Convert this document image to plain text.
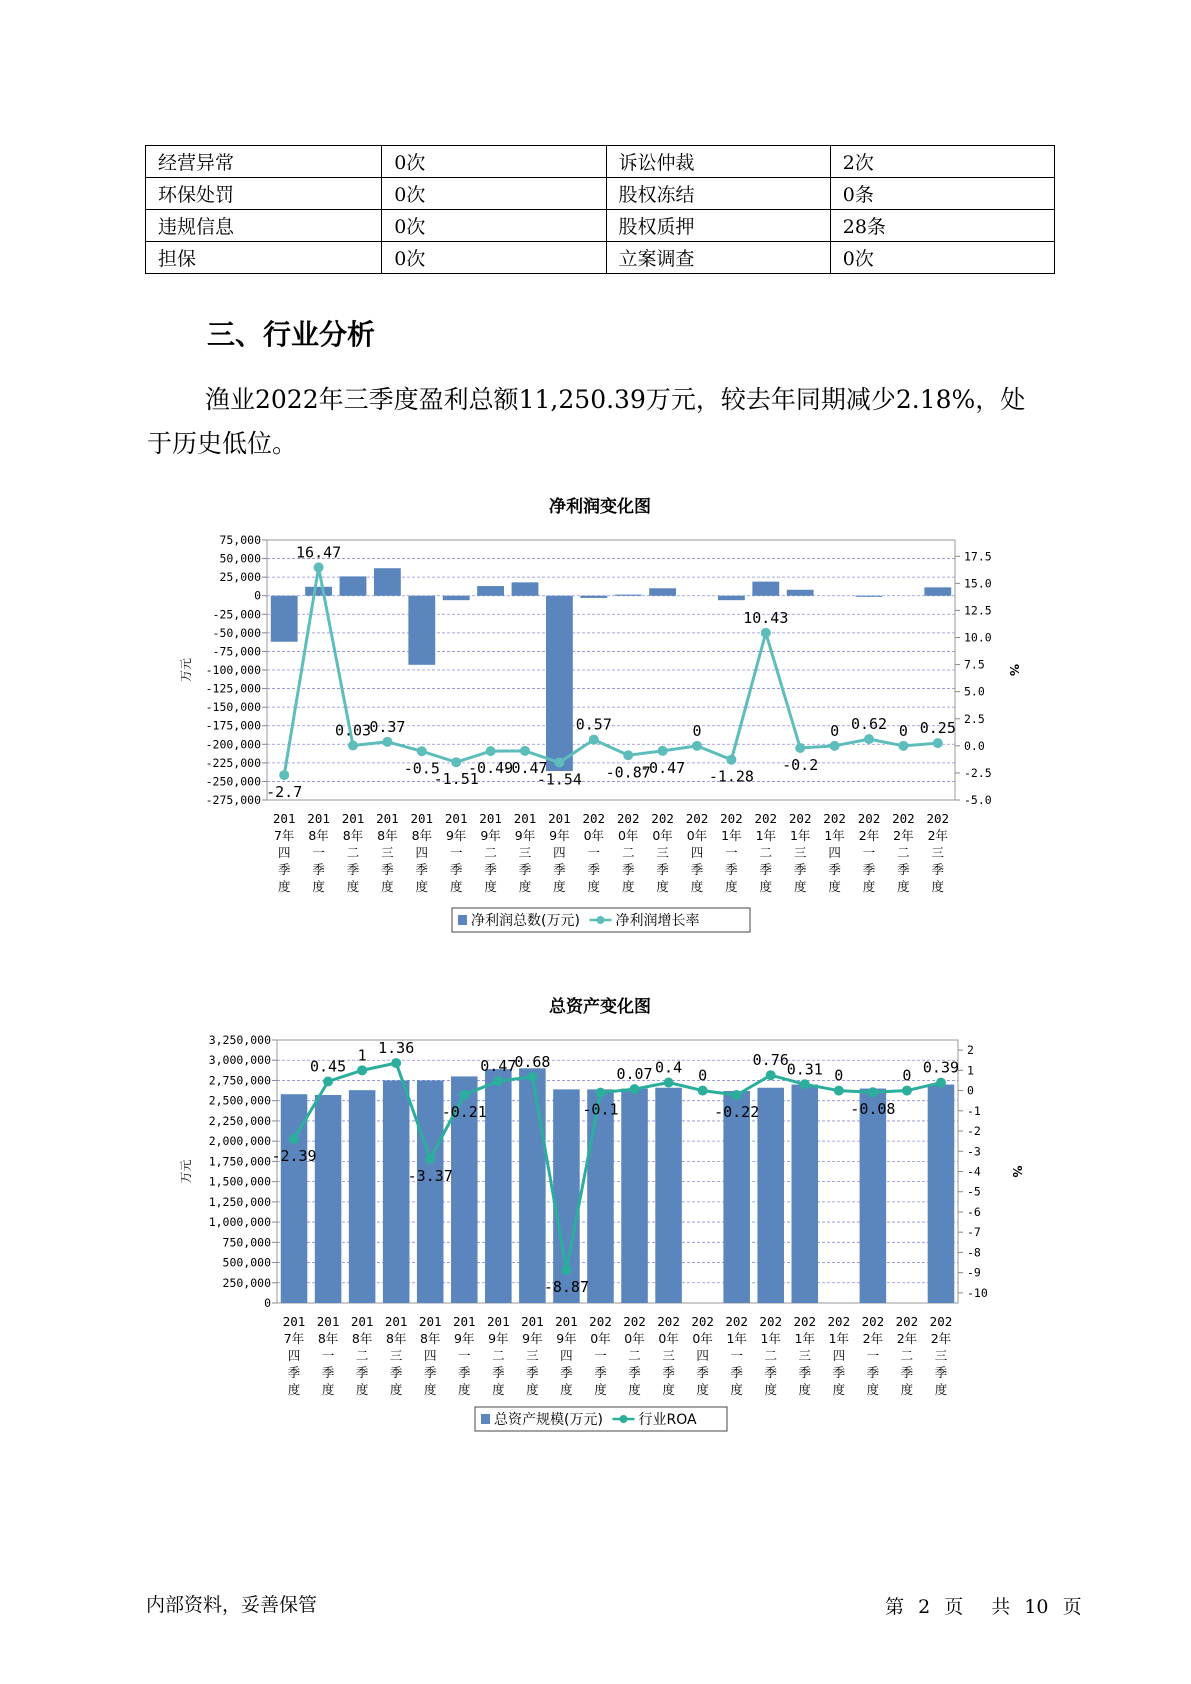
经营异常	0次	诉讼仲裁	2次
环保处罚	0次	股权冻结	0条
违规信息	0次	股权质押	28条
担保	0次	立案调查	0次
三、行业分析

渔业2022年三季度盈利总额11,250.39万元，较去年同期减少2.18%，处于历史低位。

净利润变化图
75,000
50,000
25,000
0
-25,000
-50,000
-75,000
-100,000
-125,000
-150,000
-175,000
-200,000
-225,000
-250,000
-275,000
17.5
15.0
12.5
10.0
7.5
5.0
2.5
0.0
-2.5
-5.0
万元	%
-2.7
16.47
0.03
0.37
-0.5
-1.51
-0.49
-0.47
-1.54
0.57
-0.87
-0.47
0
-1.28
10.43
-0.2
0 0.62 0 0.25
201
7年
四
季
度
201
8年
一
季
度
201
8年
二
季
度
201
8年
三
季
度
201
8年
四
季
度
201
9年
一
季
度
201
9年
二
季
度
201
9年
三
季
度
201
9年
四
季
度
202
0年
一
季
度
202
0年
二
季
度
202
0年
三
季
度
202
0年
四
季
度
202
1年
一
季
度
202
1年
二
季
度
202
1年
三
季
度
202
1年
四
季
度
202
2年
一
季
度
202
2年
二
季
度
202
2年
三
季
度
净利润总数(万元)	净利润增长率
总资产变化图
3,250,000
3,000,000
2,750,000
2,500,000
2,250,000
2,000,000
1,750,000
1,500,000
1,250,000
1,000,000
750,000
500,000
250,000
0
2
1
0
-1
-2
-3
-4
-5
-6
-7
-8
-9
-10
万元	%
-2.39
0.45
1 1.36
-3.37
-0.21
0.47
0.68
-8.87
-0.1
0.07 0.4 0
-0.22
0.76
0.31 0
-0.08
0 0.39
201
7年
四
季
度
201
8年
一
季
度
201
8年
二
季
度
201
8年
三
季
度
201
8年
四
季
度
201
9年
一
季
度
201
9年
二
季
度
201
9年
三
季
度
201
9年
四
季
度
202
0年
一
季
度
202
0年
二
季
度
202
0年
三
季
度
202
0年
四
季
度
202
1年
一
季
度
202
1年
二
季
度
202
1年
三
季
度
202
1年
四
季
度
202
2年
一
季
度
202
2年
二
季
度
202
2年
三
季
度
总资产规模(万元)	行业ROA
内部资料，妥善保管	第 2 页 共 10 页
